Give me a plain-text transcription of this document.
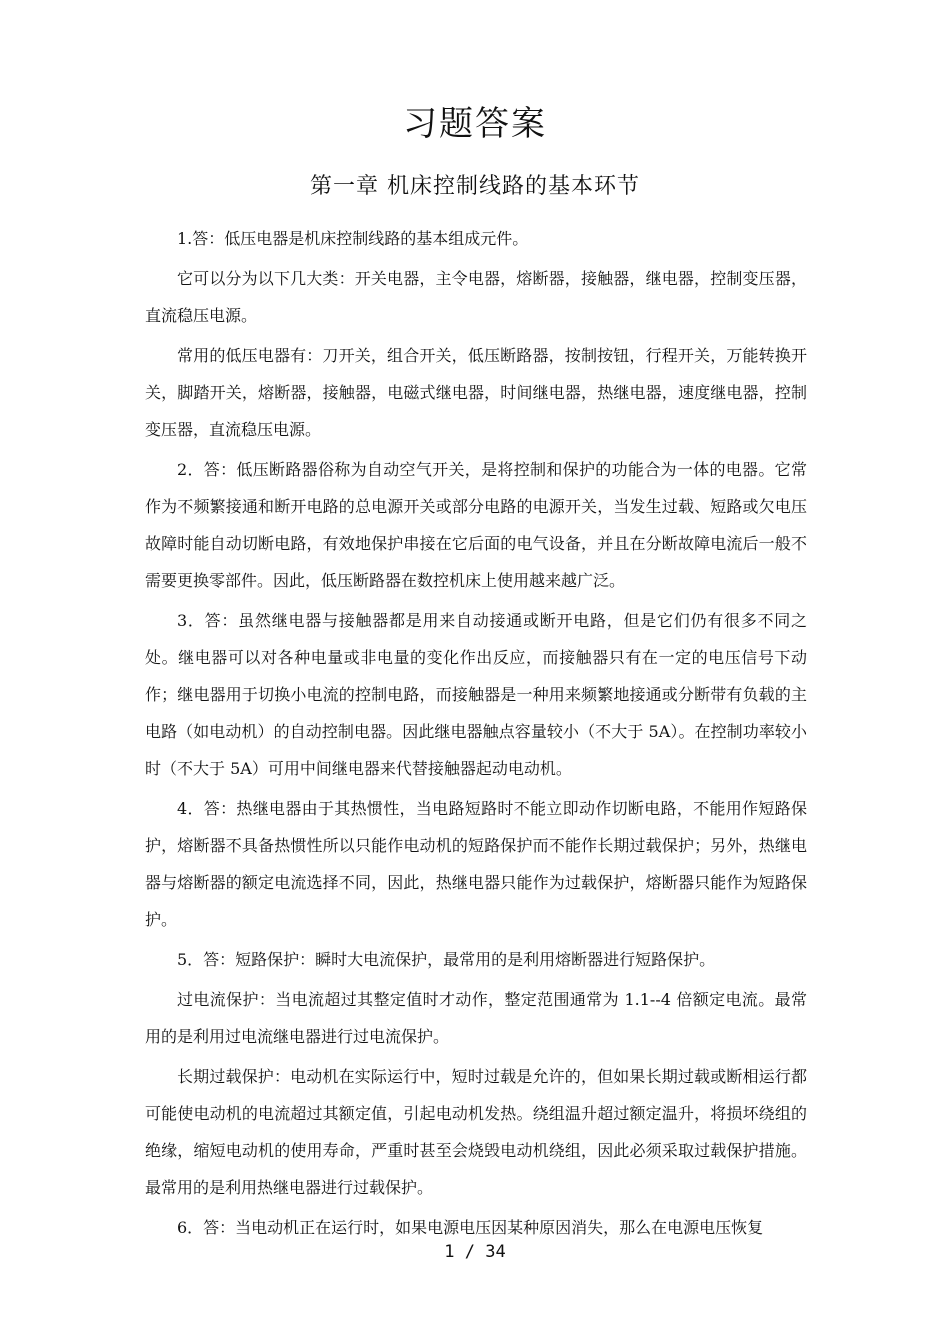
习题答案
第一章 机床控制线路的基本环节

1.答：低压电器是机床控制线路的基本组成元件。

它可以分为以下几大类：开关电器，主令电器，熔断器，接触器，继电器，控制变压器，直流稳压电源。

常用的低压电器有：刀开关，组合开关，低压断路器，按制按钮，行程开关，万能转换开关，脚踏开关，熔断器，接触器，电磁式继电器，时间继电器，热继电器，速度继电器，控制变压器，直流稳压电源。

2．答：低压断路器俗称为自动空气开关，是将控制和保护的功能合为一体的电器。它常作为不频繁接通和断开电路的总电源开关或部分电路的电源开关，当发生过载、短路或欠电压故障时能自动切断电路，有效地保护串接在它后面的电气设备，并且在分断故障电流后一般不需要更换零部件。因此，低压断路器在数控机床上使用越来越广泛。

3．答：虽然继电器与接触器都是用来自动接通或断开电路，但是它们仍有很多不同之处。继电器可以对各种电量或非电量的变化作出反应，而接触器只有在一定的电压信号下动作；继电器用于切换小电流的控制电路，而接触器是一种用来频繁地接通或分断带有负载的主电路（如电动机）的自动控制电器。因此继电器触点容量较小（不大于 5A）。在控制功率较小时（不大于 5A）可用中间继电器来代替接触器起动电动机。

4．答：热继电器由于其热惯性，当电路短路时不能立即动作切断电路，不能用作短路保护，熔断器不具备热惯性所以只能作电动机的短路保护而不能作长期过载保护；另外，热继电器与熔断器的额定电流选择不同，因此，热继电器只能作为过载保护，熔断器只能作为短路保护。

5．答：短路保护：瞬时大电流保护，最常用的是利用熔断器进行短路保护。

过电流保护：当电流超过其整定值时才动作，整定范围通常为 1.1--4 倍额定电流。最常用的是利用过电流继电器进行过电流保护。

长期过载保护：电动机在实际运行中，短时过载是允许的，但如果长期过载或断相运行都可能使电动机的电流超过其额定值，引起电动机发热。绕组温升超过额定温升，将损坏绕组的绝缘，缩短电动机的使用寿命，严重时甚至会烧毁电动机绕组，因此必须采取过载保护措施。最常用的是利用热继电器进行过载保护。

6．答：当电动机正在运行时，如果电源电压因某种原因消失，那么在电源电压恢复

1 / 34
